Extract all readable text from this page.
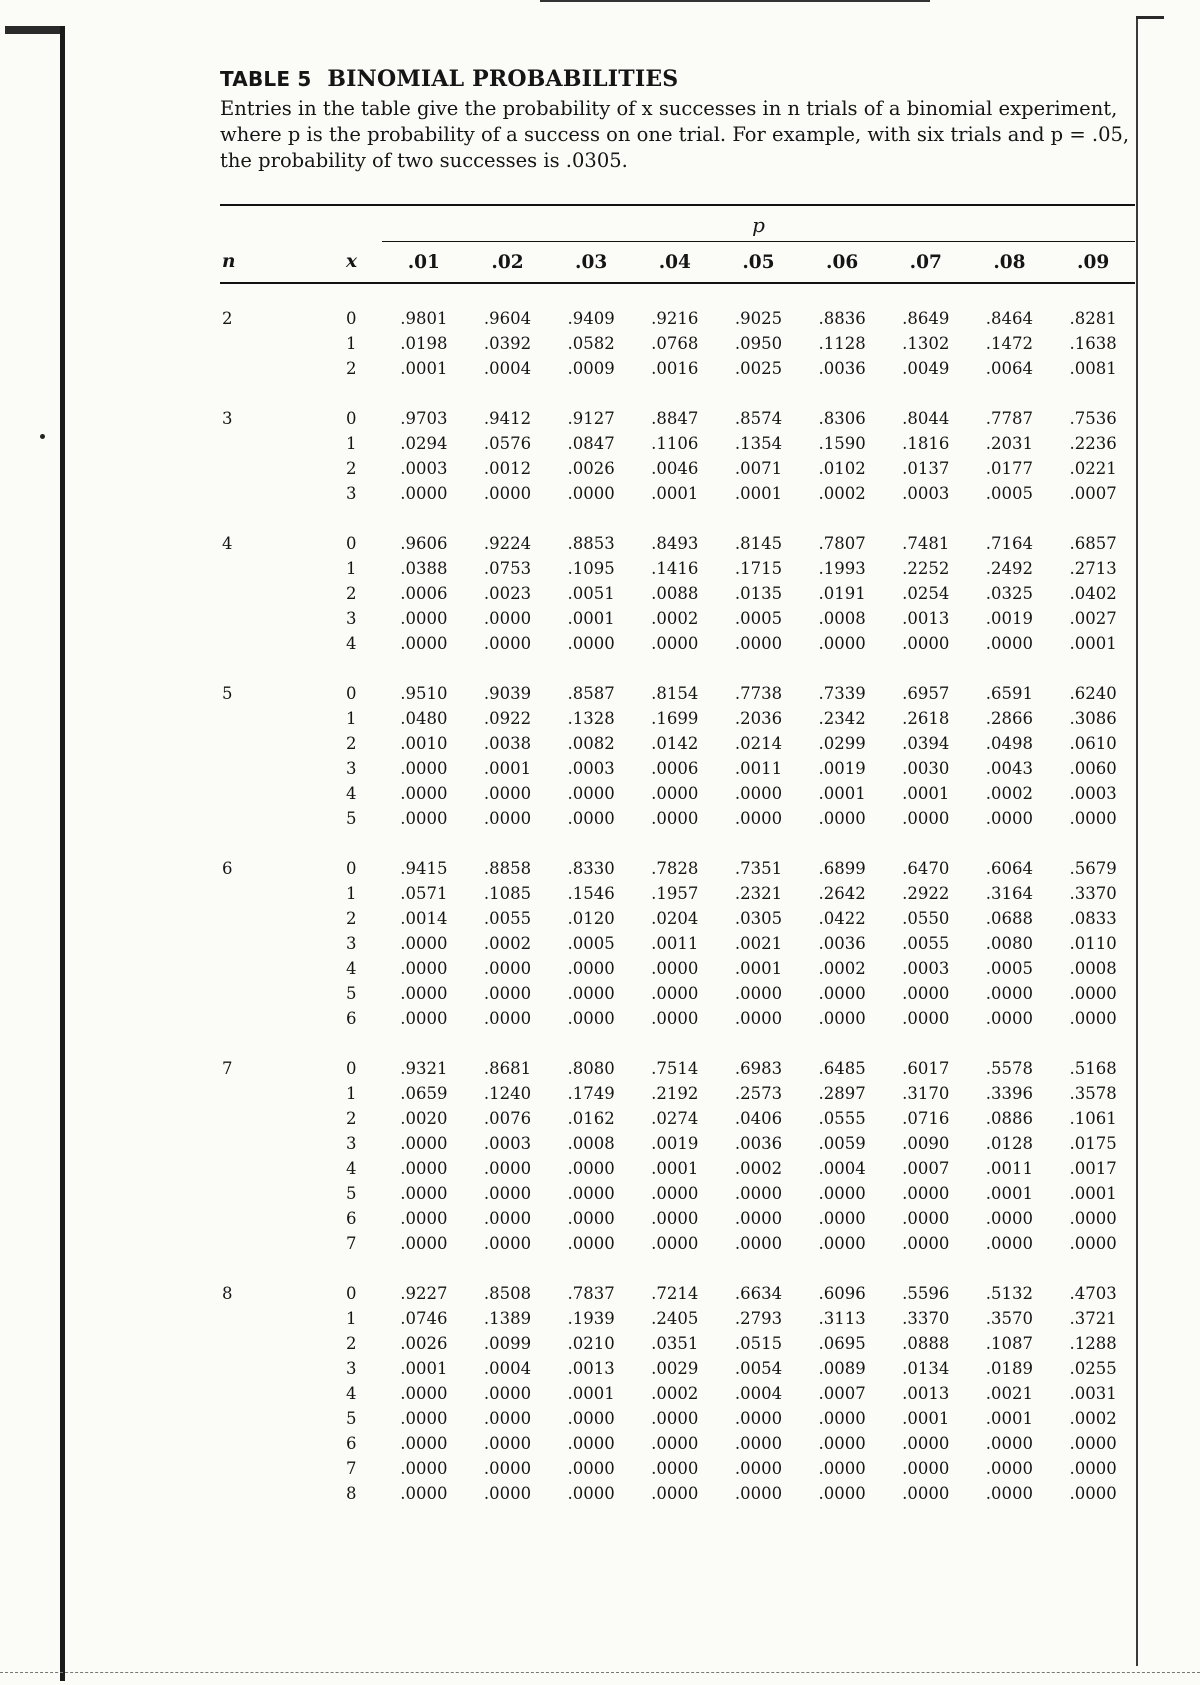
TABLE 5 BINOMIAL PROBABILITIES

Entries in the table give the probability of x successes in n trials of a binomial experiment, where p is the probability of a success on one trial. For example, with six trials and p = .05, the probability of two successes is .0305.

		p								
n	x	.01	.02	.03	.04	.05	.06	.07	.08	.09
2	0	.9801	.9604	.9409	.9216	.9025	.8836	.8649	.8464	.8281
	1	.0198	.0392	.0582	.0768	.0950	.1128	.1302	.1472	.1638
	2	.0001	.0004	.0009	.0016	.0025	.0036	.0049	.0064	.0081
3	0	.9703	.9412	.9127	.8847	.8574	.8306	.8044	.7787	.7536
	1	.0294	.0576	.0847	.1106	.1354	.1590	.1816	.2031	.2236
	2	.0003	.0012	.0026	.0046	.0071	.0102	.0137	.0177	.0221
	3	.0000	.0000	.0000	.0001	.0001	.0002	.0003	.0005	.0007
4	0	.9606	.9224	.8853	.8493	.8145	.7807	.7481	.7164	.6857
	1	.0388	.0753	.1095	.1416	.1715	.1993	.2252	.2492	.2713
	2	.0006	.0023	.0051	.0088	.0135	.0191	.0254	.0325	.0402
	3	.0000	.0000	.0001	.0002	.0005	.0008	.0013	.0019	.0027
	4	.0000	.0000	.0000	.0000	.0000	.0000	.0000	.0000	.0001
5	0	.9510	.9039	.8587	.8154	.7738	.7339	.6957	.6591	.6240
	1	.0480	.0922	.1328	.1699	.2036	.2342	.2618	.2866	.3086
	2	.0010	.0038	.0082	.0142	.0214	.0299	.0394	.0498	.0610
	3	.0000	.0001	.0003	.0006	.0011	.0019	.0030	.0043	.0060
	4	.0000	.0000	.0000	.0000	.0000	.0001	.0001	.0002	.0003
	5	.0000	.0000	.0000	.0000	.0000	.0000	.0000	.0000	.0000
6	0	.9415	.8858	.8330	.7828	.7351	.6899	.6470	.6064	.5679
	1	.0571	.1085	.1546	.1957	.2321	.2642	.2922	.3164	.3370
	2	.0014	.0055	.0120	.0204	.0305	.0422	.0550	.0688	.0833
	3	.0000	.0002	.0005	.0011	.0021	.0036	.0055	.0080	.0110
	4	.0000	.0000	.0000	.0000	.0001	.0002	.0003	.0005	.0008
	5	.0000	.0000	.0000	.0000	.0000	.0000	.0000	.0000	.0000
	6	.0000	.0000	.0000	.0000	.0000	.0000	.0000	.0000	.0000
7	0	.9321	.8681	.8080	.7514	.6983	.6485	.6017	.5578	.5168
	1	.0659	.1240	.1749	.2192	.2573	.2897	.3170	.3396	.3578
	2	.0020	.0076	.0162	.0274	.0406	.0555	.0716	.0886	.1061
	3	.0000	.0003	.0008	.0019	.0036	.0059	.0090	.0128	.0175
	4	.0000	.0000	.0000	.0001	.0002	.0004	.0007	.0011	.0017
	5	.0000	.0000	.0000	.0000	.0000	.0000	.0000	.0001	.0001
	6	.0000	.0000	.0000	.0000	.0000	.0000	.0000	.0000	.0000
	7	.0000	.0000	.0000	.0000	.0000	.0000	.0000	.0000	.0000
8	0	.9227	.8508	.7837	.7214	.6634	.6096	.5596	.5132	.4703
	1	.0746	.1389	.1939	.2405	.2793	.3113	.3370	.3570	.3721
	2	.0026	.0099	.0210	.0351	.0515	.0695	.0888	.1087	.1288
	3	.0001	.0004	.0013	.0029	.0054	.0089	.0134	.0189	.0255
	4	.0000	.0000	.0001	.0002	.0004	.0007	.0013	.0021	.0031
	5	.0000	.0000	.0000	.0000	.0000	.0000	.0001	.0001	.0002
	6	.0000	.0000	.0000	.0000	.0000	.0000	.0000	.0000	.0000
	7	.0000	.0000	.0000	.0000	.0000	.0000	.0000	.0000	.0000
	8	.0000	.0000	.0000	.0000	.0000	.0000	.0000	.0000	.0000
